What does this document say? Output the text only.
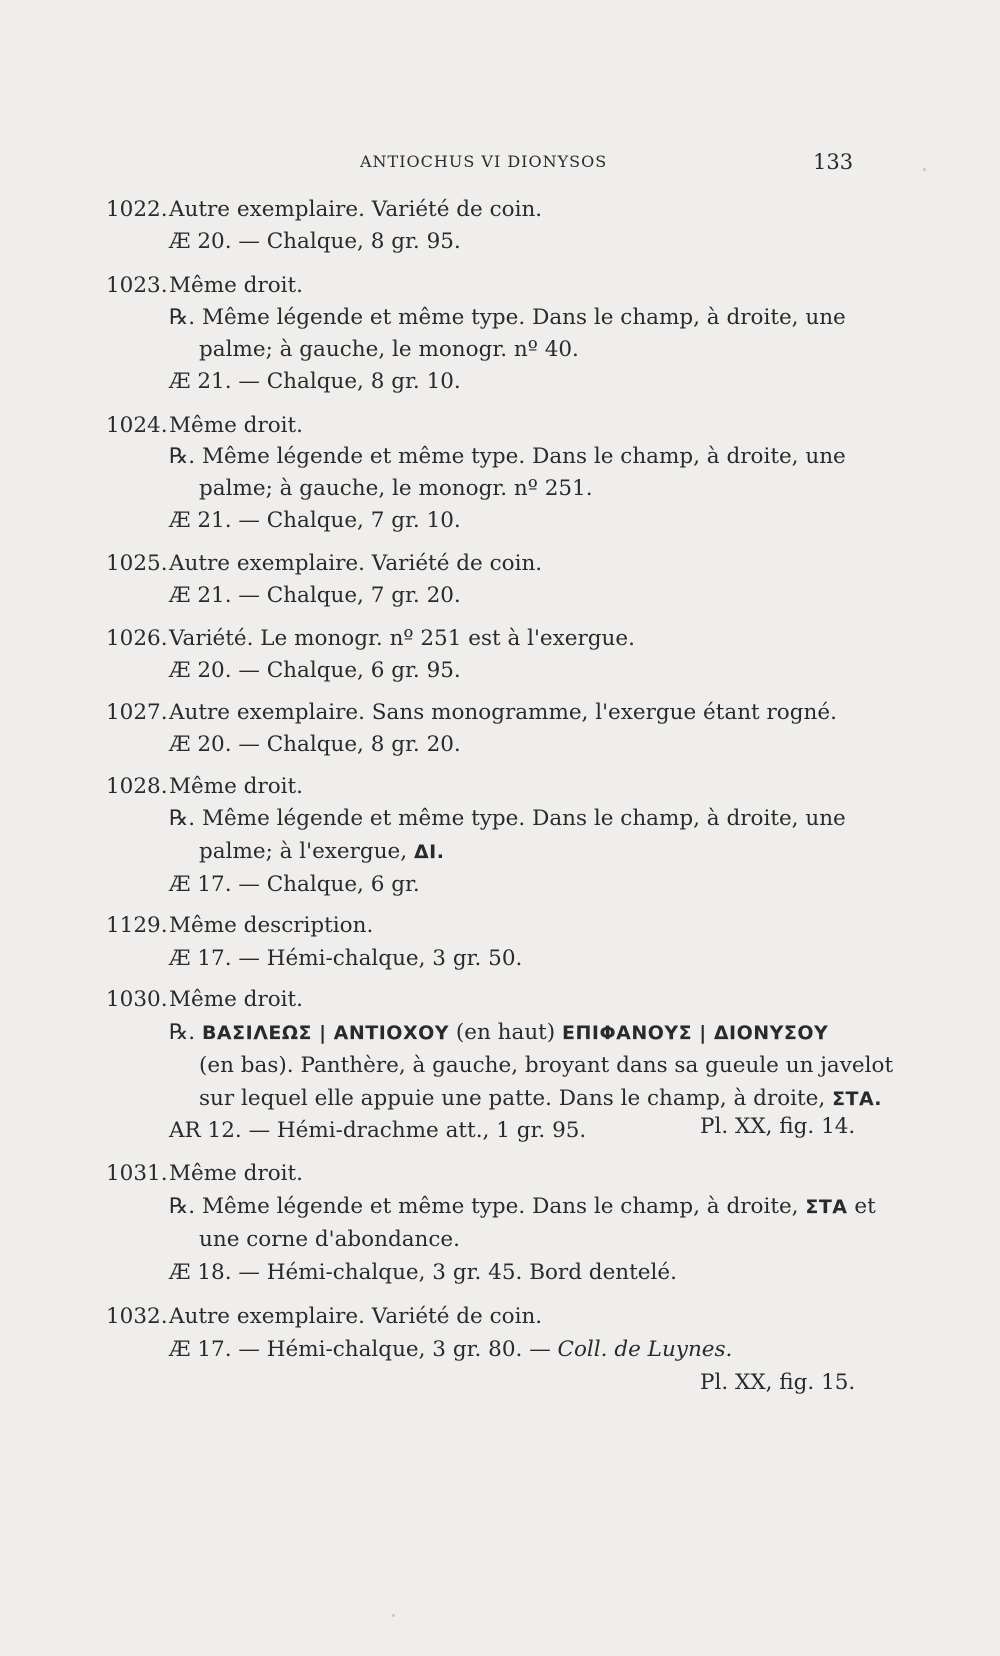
ANTIOCHUS VI DIONYSOS	133
1022. Autre exemplaire. Variété de coin.
Æ 20. — Chalque, 8 gr. 95.
1023. Même droit.
℞. Même légende et même type. Dans le champ, à droite, une
palme; à gauche, le monogr. nº 40.
Æ 21. — Chalque, 8 gr. 10.
1024. Même droit.
℞. Même légende et même type. Dans le champ, à droite, une
palme; à gauche, le monogr. nº 251.
Æ 21. — Chalque, 7 gr. 10.
1025. Autre exemplaire. Variété de coin.
Æ 21. — Chalque, 7 gr. 20.
1026. Variété. Le monogr. nº 251 est à l'exergue.
Æ 20. — Chalque, 6 gr. 95.
1027. Autre exemplaire. Sans monogramme, l'exergue étant rogné.
Æ 20. — Chalque, 8 gr. 20.
1028. Même droit.
℞. Même légende et même type. Dans le champ, à droite, une
palme; à l'exergue, ΔΙ.
Æ 17. — Chalque, 6 gr.
1129. Même description.
Æ 17. — Hémi-chalque, 3 gr. 50.
1030. Même droit.
℞. ΒΑΣΙΛΕΩΣ | ΑΝΤΙΟΧΟΥ (en haut) ΕΠΙΦΑΝΟΥΣ | ΔΙΟΝΥΣΟΥ
(en bas). Panthère, à gauche, broyant dans sa gueule un javelot
sur lequel elle appuie une patte. Dans le champ, à droite, ΣΤΑ.
AR 12. — Hémi-drachme att., 1 gr. 95.	Pl. XX, fig. 14.
1031. Même droit.
℞. Même légende et même type. Dans le champ, à droite, ΣΤΑ et
une corne d'abondance.
Æ 18. — Hémi-chalque, 3 gr. 45. Bord dentelé.
1032. Autre exemplaire. Variété de coin.
Æ 17. — Hémi-chalque, 3 gr. 80. — Coll. de Luynes.
Pl. XX, fig. 15.
